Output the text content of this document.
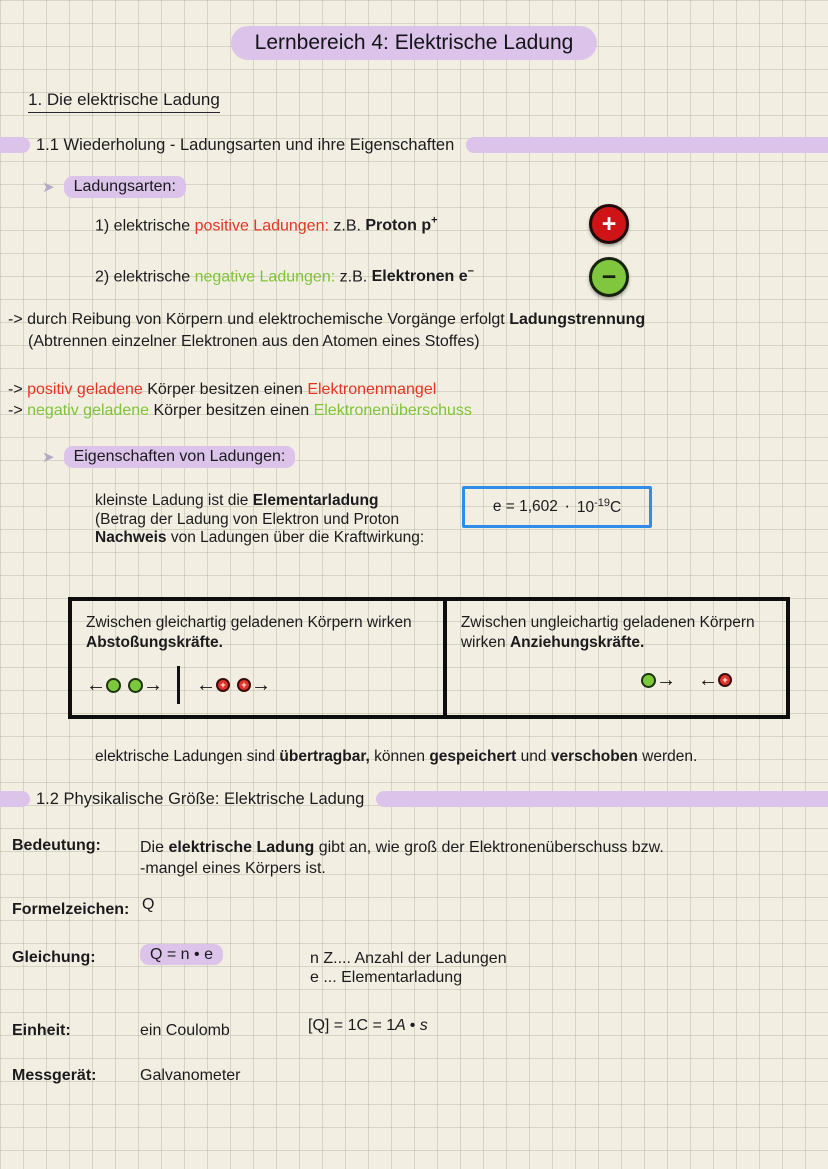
Lernbereich 4: Elektrische Ladung
1. Die elektrische Ladung
1.1 Wiederholung - Ladungsarten und ihre Eigenschaften
➤	Ladungsarten:
1) elektrische positive Ladungen: z.B. Proton p+	+
2) elektrische negative Ladungen: z.B. Elektronen e−	−
-> durch Reibung von Körpern und elektrochemische Vorgänge erfolgt Ladungstrennung
(Abtrennen einzelner Elektronen aus den Atomen eines Stoffes)
-> positiv geladene Körper besitzen einen Elektronenmangel
-> negativ geladene Körper besitzen einen Elektronenüberschuss
➤	Eigenschaften von Ladungen:
kleinste Ladung ist die Elementarladung
(Betrag der Ladung von Elektron und Proton
Nachweis von Ladungen über die Kraftwirkung:
$e = 1,602 \cdot 10^{-19}C$
Zwischen gleichartig geladenen Körpern wirken Abstoßungskräfte.
← → ← + + →
Zwischen ungleichartig geladenen Körpern wirken Anziehungskräfte.
→ ← +
elektrische Ladungen sind übertragbar, können gespeichert und verschoben werden.
1.2 Physikalische Größe: Elektrische Ladung
Bedeutung: Die elektrische Ladung gibt an, wie groß der Elektronenüberschuss bzw.
-mangel eines Körpers ist.
Formelzeichen: Q
Gleichung:	Q = n • e	n Z.... Anzahl der Ladungen
e ... Elementarladung
Einheit:	ein Coulomb	[Q] = 1C = 1A • s
Messgerät:	Galvanometer
